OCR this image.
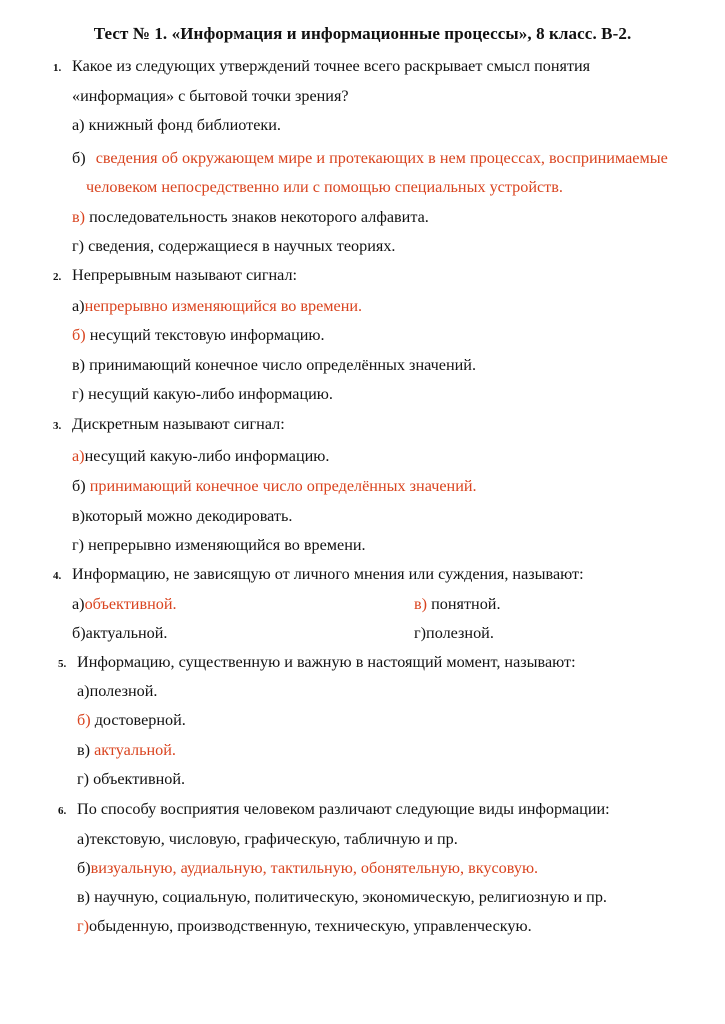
Тест № 1. «Информация и информационные процессы», 8 класс. В-2.
1. Какое из следующих утверждений точнее всего раскрывает смысл понятия
«информация» с бытовой точки зрения?
а) книжный фонд библиотеки.
б) сведения об окружающем мире и протекающих в нем процессах, воспринимаемые
человеком непосредственно или с помощью специальных устройств.
в) последовательность знаков некоторого алфавита.
г) сведения, содержащиеся в научных теориях.
2. Непрерывным называют сигнал:
а)непрерывно изменяющийся во времени.
б) несущий текстовую информацию.
в) принимающий конечное число определённых значений.
г) несущий какую-либо информацию.
3. Дискретным называют сигнал:
а)несущий какую-либо информацию.
б) принимающий конечное число определённых значений.
в)который можно декодировать.
г) непрерывно изменяющийся во времени.
4. Информацию, не зависящую от личного мнения или суждения, называют:
а)объективной.	в) понятной.
б)актуальной.	г)полезной.
5. Информацию, существенную и важную в настоящий момент, называют:
а)полезной.
б) достоверной.
в) актуальной.
г) объективной.
6. По способу восприятия человеком различают следующие виды информации:
а)текстовую, числовую, графическую, табличную и пр.
б)визуальную, аудиальную, тактильную, обонятельную, вкусовую.
в) научную, социальную, политическую, экономическую, религиозную и пр.
г)обыденную, производственную, техническую, управленческую.
